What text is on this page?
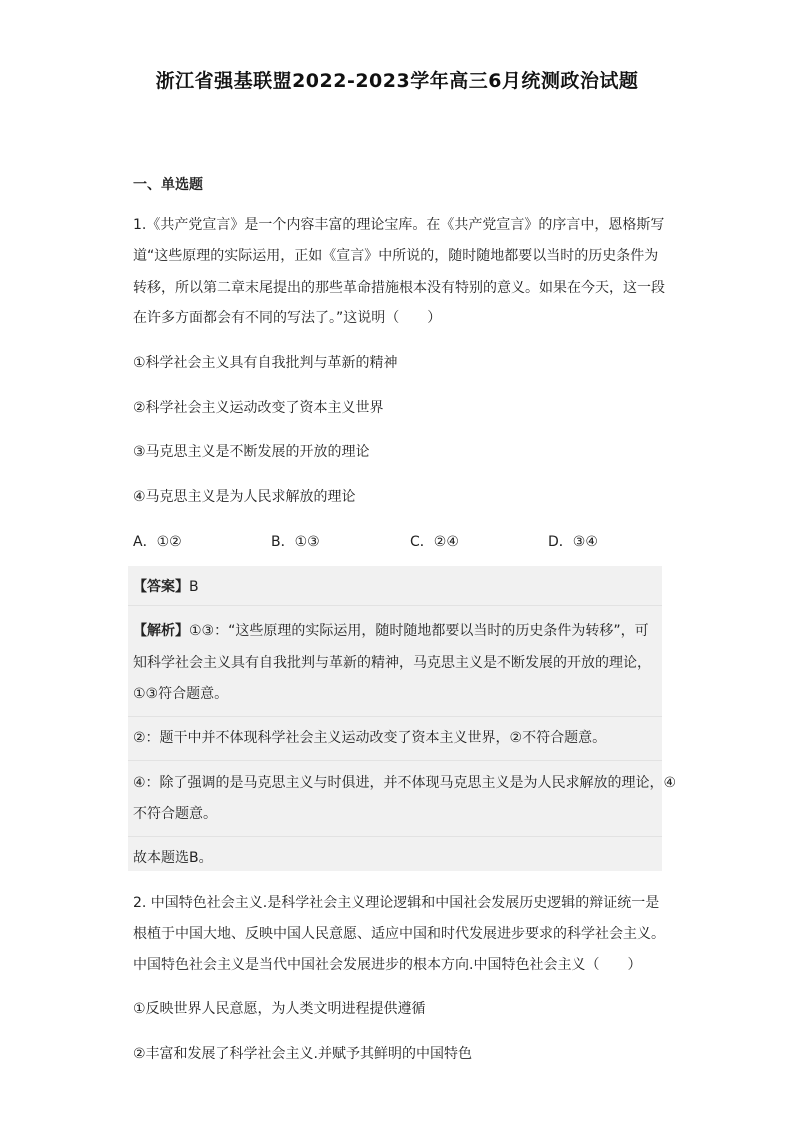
浙江省强基联盟2022-2023学年高三6月统测政治试题
一、单选题
1.《共产党宣言》是一个内容丰富的理论宝库。在《共产党宣言》的序言中，恩格斯写
道“这些原理的实际运用，正如《宣言》中所说的，随时随地都要以当时的历史条件为
转移，所以第二章末尾提出的那些革命措施根本没有特别的意义。如果在今天，这一段
在许多方面都会有不同的写法了。”这说明（　　）
①科学社会主义具有自我批判与革新的精神
②科学社会主义运动改变了资本主义世界
③马克思主义是不断发展的开放的理论
④马克思主义是为人民求解放的理论
A．①②	B．①③	C．②④	D．③④
【答案】B
【解析】①③：“这些原理的实际运用，随时随地都要以当时的历史条件为转移”，可
知科学社会主义具有自我批判与革新的精神，马克思主义是不断发展的开放的理论，
①③符合题意。
②：题干中并不体现科学社会主义运动改变了资本主义世界，②不符合题意。
④：除了强调的是马克思主义与时俱进，并不体现马克思主义是为人民求解放的理论，④
不符合题意。
故本题选B。
2. 中国特色社会主义.是科学社会主义理论逻辑和中国社会发展历史逻辑的辩证统一是
根植于中国大地、反映中国人民意愿、适应中国和时代发展进步要求的科学社会主义。
中国特色社会主义是当代中国社会发展进步的根本方向.中国特色社会主义（　　）
①反映世界人民意愿，为人类文明进程提供遵循
②丰富和发展了科学社会主义.并赋予其鲜明的中国特色
